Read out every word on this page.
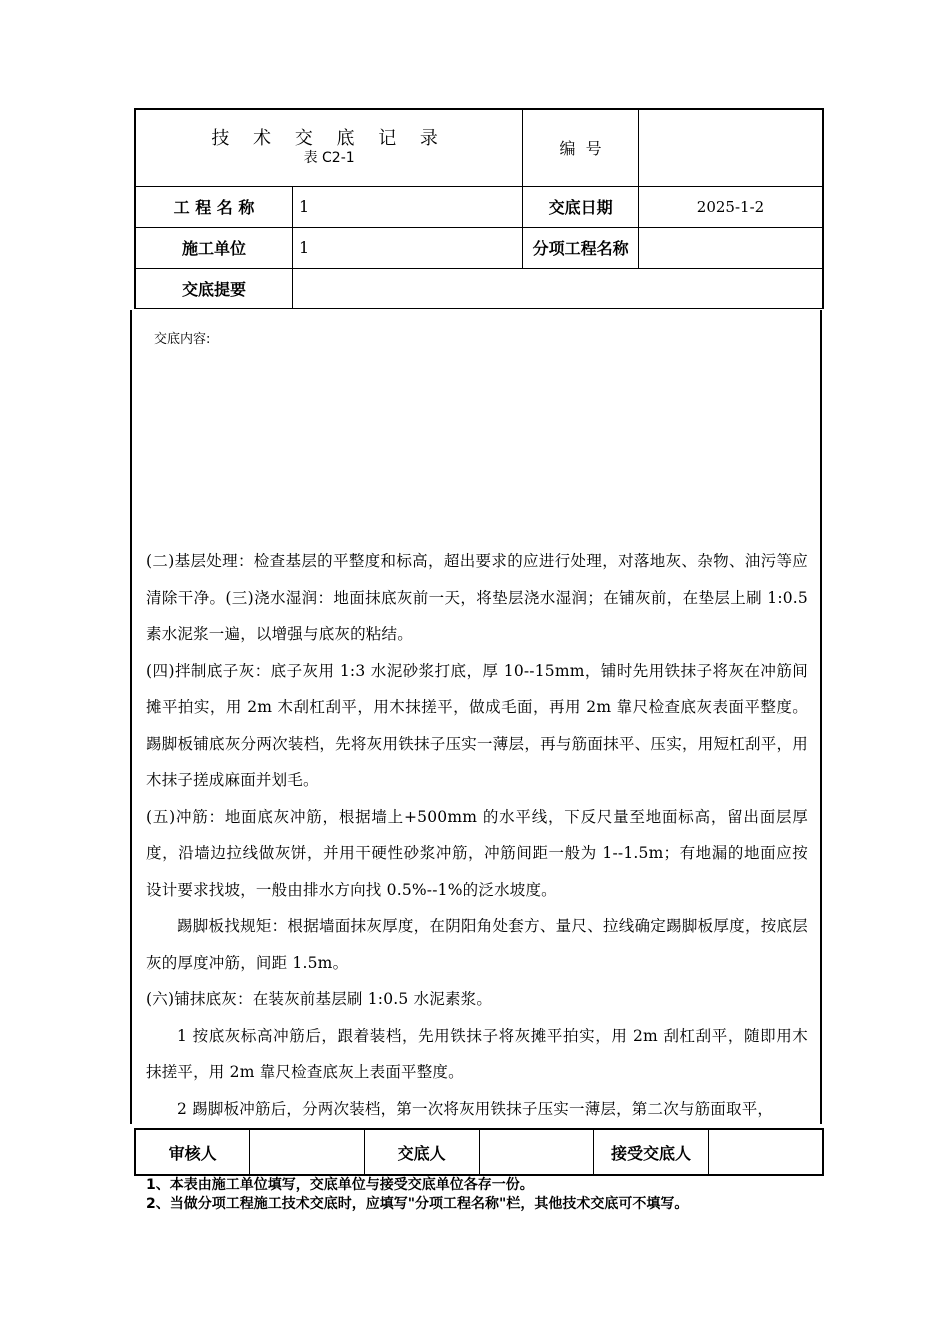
技 术 交 底 记 录
表 C2-1		编  号	
工 程 名 称	1	交底日期	2025-1-2
施工单位	1	分项工程名称	
交底提要			
交底内容:

(二)基层处理：检查基层的平整度和标高，超出要求的应进行处理，对落地灰、杂物、油污等应清除干净。(三)浇水湿润：地面抹底灰前一天，将垫层浇水湿润；在铺灰前，在垫层上刷 1:0.5 素水泥浆一遍，以增强与底灰的粘结。

(四)拌制底子灰：底子灰用 1:3 水泥砂浆打底，厚 10--15mm，铺时先用铁抹子将灰在冲筋间摊平拍实，用 2m 木刮杠刮平，用木抹搓平，做成毛面，再用 2m 靠尺检查底灰表面平整度。踢脚板铺底灰分两次装档，先将灰用铁抹子压实一薄层，再与筋面抹平、压实，用短杠刮平，用木抹子搓成麻面并划毛。

(五)冲筋：地面底灰冲筋，根据墙上+500mm 的水平线，下反尺量至地面标高，留出面层厚度，沿墙边拉线做灰饼，并用干硬性砂浆冲筋，冲筋间距一般为 1--1.5m；有地漏的地面应按设计要求找坡，一般由排水方向找 0.5%--1%的泛水坡度。

踢脚板找规矩：根据墙面抹灰厚度，在阴阳角处套方、量尺、拉线确定踢脚板厚度，按底层灰的厚度冲筋，间距 1.5m。

(六)铺抹底灰：在装灰前基层刷 1:0.5 水泥素浆。

1 按底灰标高冲筋后，跟着装档，先用铁抹子将灰摊平拍实，用 2m 刮杠刮平，随即用木抹搓平，用 2m 靠尺检查底灰上表面平整度。

2 踢脚板冲筋后，分两次装档，第一次将灰用铁抹子压实一薄层，第二次与筋面取平，

审核人		交底人		接受交底人	
1、本表由施工单位填写，交底单位与接受交底单位各存一份。
2、当做分项工程施工技术交底时，应填写"分项工程名称"栏，其他技术交底可不填写。
